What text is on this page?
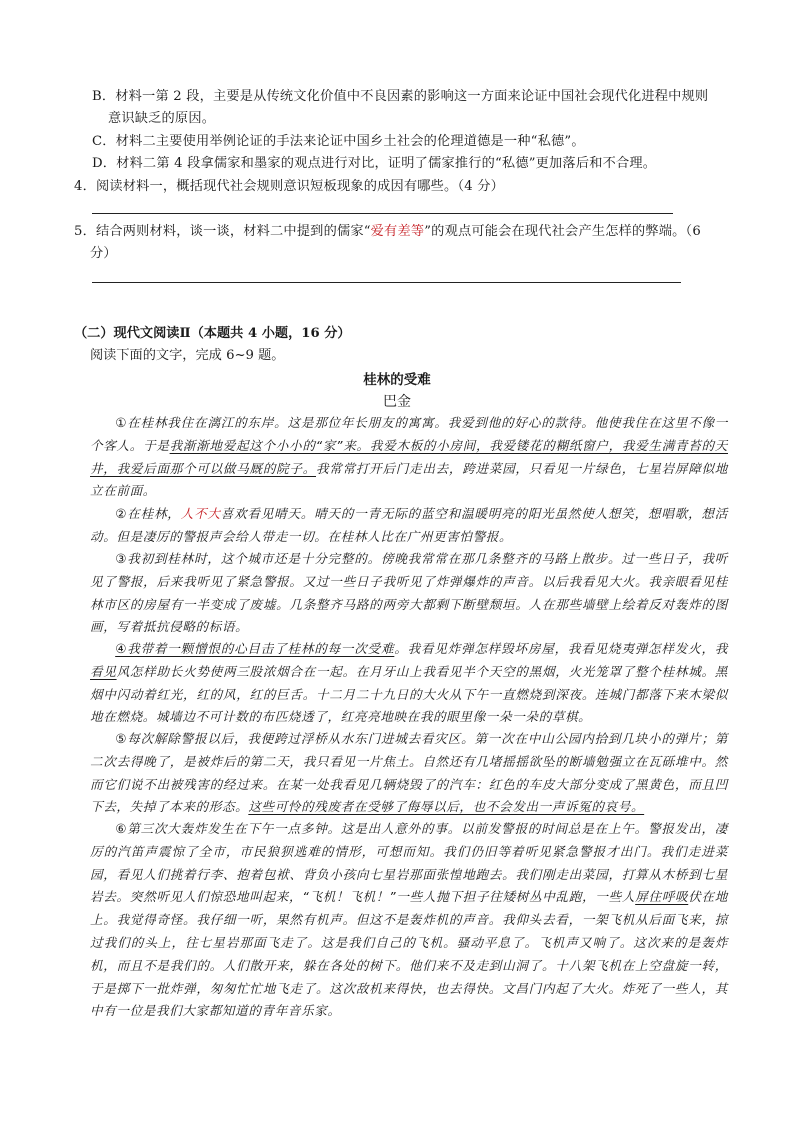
B．材料一第 2 段，主要是从传统文化价值中不良因素的影响这一方面来论证中国社会现代化进程中规则
意识缺乏的原因。
C．材料二主要使用举例论证的手法来论证中国乡土社会的伦理道德是一种“私德”。
D．材料二第 4 段拿儒家和墨家的观点进行对比，证明了儒家推行的“私德”更加落后和不合理。
4．阅读材料一，概括现代社会规则意识短板现象的成因有哪些。（4 分）
5．结合两则材料，谈一谈，材料二中提到的儒家“爱有差等”的观点可能会在现代社会产生怎样的弊端。（6
分）
（二）现代文阅读Ⅱ（本题共 4 小题，16 分）
阅读下面的文字，完成 6~9 题。
桂林的受难
巴金
①在桂林我住在漓江的东岸。这是那位年长朋友的寓寓。我爱到他的好心的款待。他使我住在这里不像一个客人。于是我渐渐地爱起这个小小的“家”来。我爱木板的小房间，我爱镂花的糊纸窗户，我爱生满青苔的天井，我爱后面那个可以做马厩的院子。我常常打开后门走出去，跨进菜园，只看见一片绿色，七星岩屏障似地立在前面。
②在桂林，人不大喜欢看见晴天。晴天的一青无际的蓝空和温暖明亮的阳光虽然使人想笑，想唱歌，想活动。但是凄厉的警报声会给人带走一切。在桂林人比在广州更害怕警报。
③我初到桂林时，这个城市还是十分完整的。傍晚我常常在那几条整齐的马路上散步。过一些日子，我听见了警报，后来我听见了紧急警报。又过一些日子我听见了炸弹爆炸的声音。以后我看见大火。我亲眼看见桂林市区的房屋有一半变成了废墟。几条整齐马路的两旁大都剩下断壁颓垣。人在那些墙壁上绘着反对轰炸的图画，写着抵抗侵略的标语。
④我带着一颗憎恨的心目击了桂林的每一次受难。我看见炸弹怎样毁坏房屋，我看见烧夷弹怎样发火，我看见风怎样助长火势使两三股浓烟合在一起。在月牙山上我看见半个天空的黑烟，火光笼罩了整个桂林城。黑烟中闪动着红光，红的风，红的巨舌。十二月二十九日的大火从下午一直燃烧到深夜。连城门都落下来木梁似地在燃烧。城墙边不可计数的布匹烧透了，红亮亮地映在我的眼里像一朵一朵的草棋。
⑤每次解除警报以后，我便跨过浮桥从水东门进城去看灾区。第一次在中山公园内拾到几块小的弹片；第二次去得晚了，是被炸后的第二天，我只看见一片焦土。自然还有几堵摇摇欲坠的断墙勉强立在瓦砾堆中。然而它们说不出被残害的经过来。在某一处我看见几辆烧毁了的汽车：红色的车皮大部分变成了黑黄色，而且凹下去，失掉了本来的形态。这些可怜的残废者在受够了侮辱以后，也不会发出一声诉冤的哀号。
⑥第三次大轰炸发生在下午一点多钟。这是出人意外的事。以前发警报的时间总是在上午。警报发出，凄厉的汽笛声震惊了全市，市民狼狈逃难的情形，可想而知。我们仍旧等着听见紧急警报才出门。我们走进菜园，看见人们挑着行李、抱着包袱、背负小孩向七星岩那面张惶地跑去。我们刚走出菜园，打算从木桥到七星岩去。突然听见人们惊恐地叫起来，“飞机！飞机！”一些人抛下担子往矮树丛中乱跑，一些人屏住呼吸伏在地上。我觉得奇怪。我仔细一听，果然有机声。但这不是轰炸机的声音。我仰头去看，一架飞机从后面飞来，掠过我们的头上，往七星岩那面飞走了。这是我们自己的飞机。骚动平息了。飞机声又响了。这次来的是轰炸机，而且不是我们的。人们散开来，躲在各处的树下。他们来不及走到山洞了。十八架飞机在上空盘旋一转，于是掷下一批炸弹，匆匆忙忙地飞走了。这次敌机来得快，也去得快。文昌门内起了大火。炸死了一些人，其中有一位是我们大家都知道的青年音乐家。
